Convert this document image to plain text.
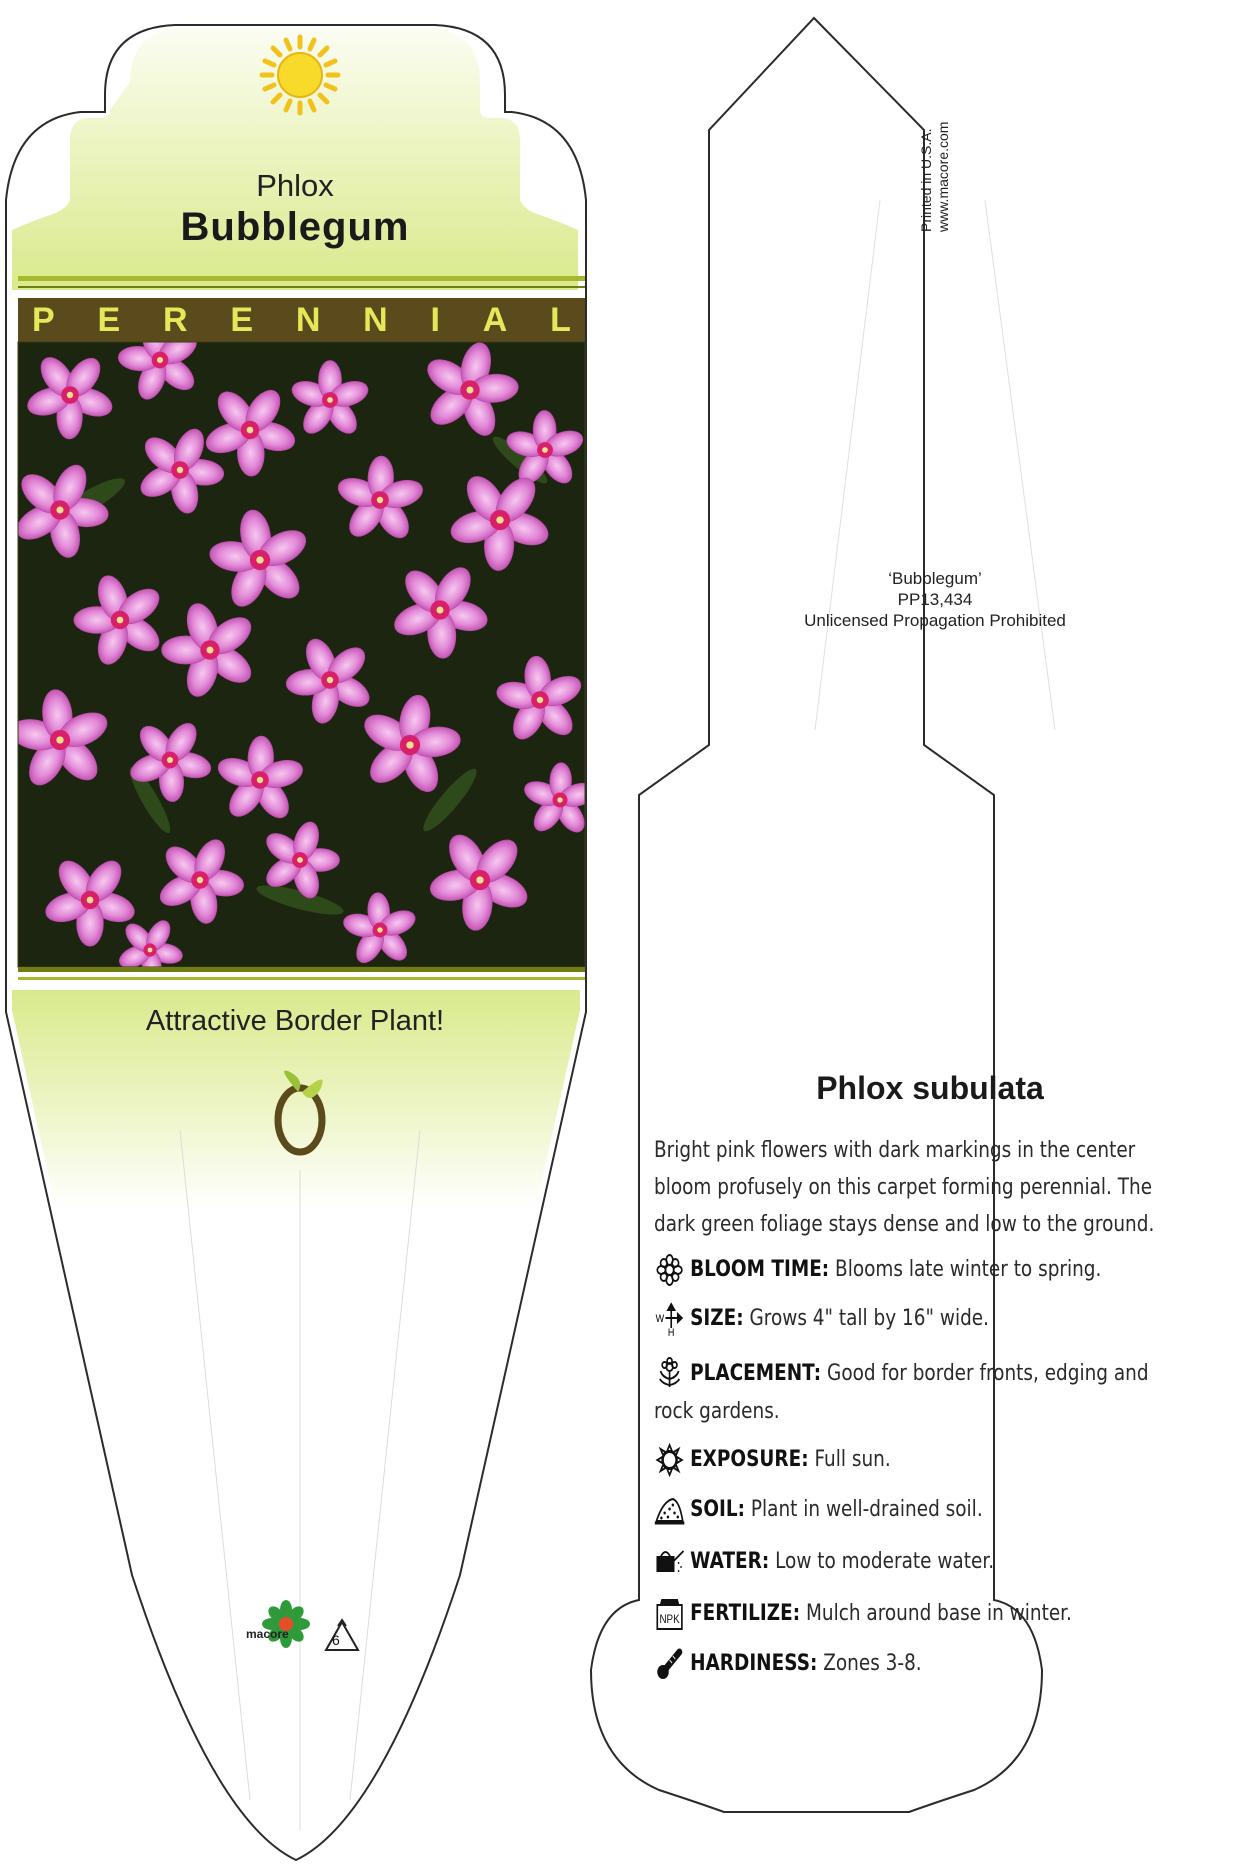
Phlox
Bubblegum
P E R E N N I A L
Attractive Border Plant!
macore	6
Printed in U.S.A. www.macore.com
‘Bubblegum’
PP13,434
Unlicensed Propagation Prohibited
Phlox subulata
Bright pink flowers with dark markings in the center
bloom profusely on this carpet forming perennial. The
dark green foliage stays dense and low to the ground.
BLOOM TIME: Blooms late winter to spring.
W
H
SIZE: Grows 4" tall by 16" wide.
PLACEMENT: Good for border fronts, edging and
rock gardens.
EXPOSURE: Full sun.
SOIL: Plant in well-drained soil.
WATER: Low to moderate water.
NPK FERTILIZE: Mulch around base in winter.
HARDINESS: Zones 3-8.
